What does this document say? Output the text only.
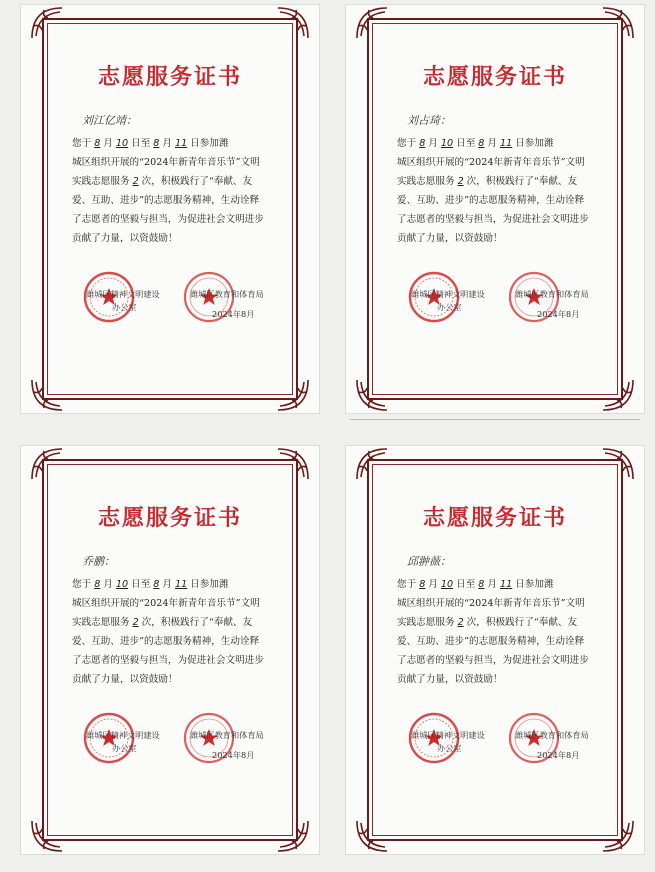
志愿服务证书
刘江亿靖：

您于 8 月 10 日至 8 月 11 日参加潍

城区组织开展的“2024年新青年音乐节”文明

实践志愿服务 2 次，积极践行了“奉献、友

爱、互助、进步”的志愿服务精神，生动诠释

了志愿者的坚毅与担当，为促进社会文明进步

贡献了力量，以资鼓励！

潍城区精神文明建设
办公室
潍城区教育和体育局
2024年8月
志愿服务证书
刘占琦：

您于 8 月 10 日至 8 月 11 日参加潍

城区组织开展的“2024年新青年音乐节”文明

实践志愿服务 2 次，积极践行了“奉献、友

爱、互助、进步”的志愿服务精神，生动诠释

了志愿者的坚毅与担当，为促进社会文明进步

贡献了力量，以资鼓励！

潍城区精神文明建设
办公室
潍城区教育和体育局
2024年8月
志愿服务证书
乔鹏：

您于 8 月 10 日至 8 月 11 日参加潍

城区组织开展的“2024年新青年音乐节”文明

实践志愿服务 2 次，积极践行了“奉献、友

爱、互助、进步”的志愿服务精神，生动诠释

了志愿者的坚毅与担当，为促进社会文明进步

贡献了力量，以资鼓励！

潍城区精神文明建设
办公室
潍城区教育和体育局
2024年8月
志愿服务证书
邱翀薇：

您于 8 月 10 日至 8 月 11 日参加潍

城区组织开展的“2024年新青年音乐节”文明

实践志愿服务 2 次，积极践行了“奉献、友

爱、互助、进步”的志愿服务精神，生动诠释

了志愿者的坚毅与担当，为促进社会文明进步

贡献了力量，以资鼓励！

潍城区精神文明建设
办公室
潍城区教育和体育局
2024年8月
